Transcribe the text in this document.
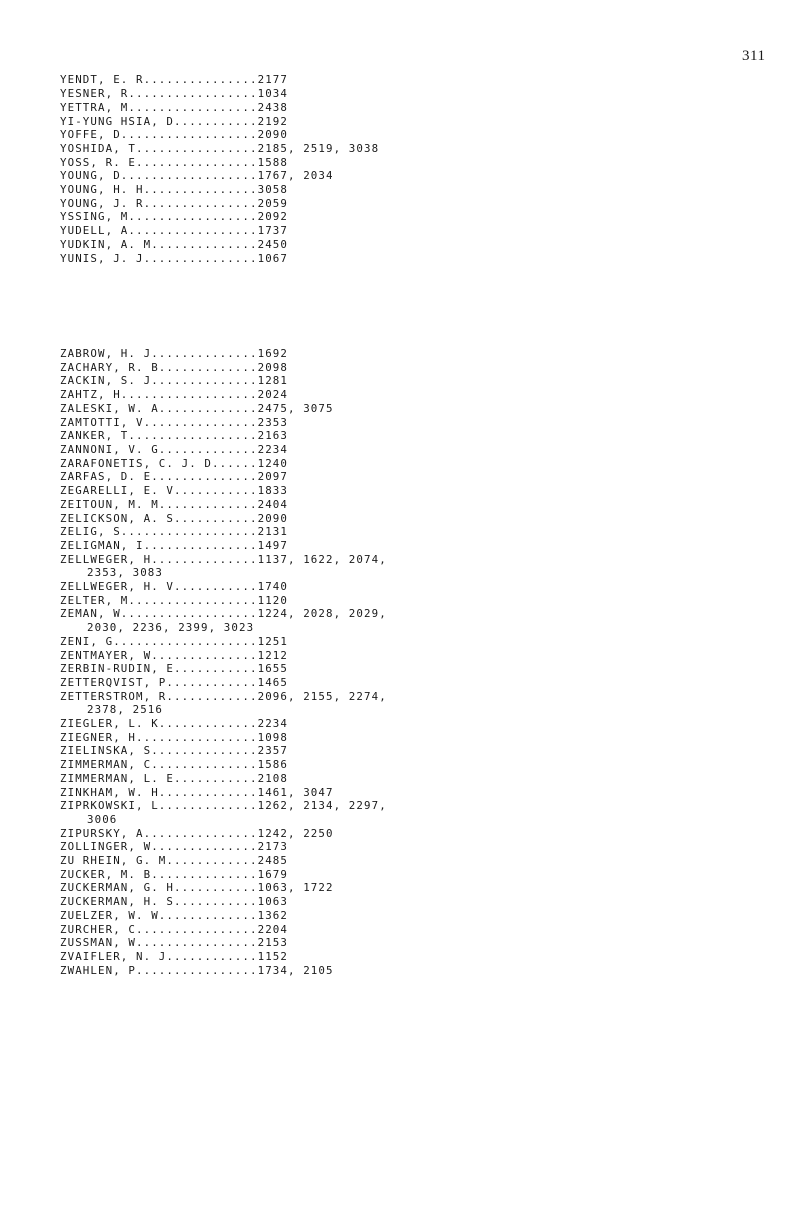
311

YENDT, E. R...............2177
YESNER, R.................1034
YETTRA, M.................2438
YI-YUNG HSIA, D...........2192
YOFFE, D..................2090
YOSHIDA, T................2185, 2519, 3038
YOSS, R. E................1588
YOUNG, D..................1767, 2034
YOUNG, H. H...............3058
YOUNG, J. R...............2059
YSSING, M.................2092
YUDELL, A.................1737
YUDKIN, A. M..............2450
YUNIS, J. J...............1067

ZABROW, H. J..............1692
ZACHARY, R. B.............2098
ZACKIN, S. J..............1281
ZAHTZ, H..................2024
ZALESKI, W. A.............2475, 3075
ZAMTOTTI, V...............2353
ZANKER, T.................2163
ZANNONI, V. G.............2234
ZARAFONETIS, C. J. D......1240
ZARFAS, D. E..............2097
ZEGARELLI, E. V...........1833
ZEITOUN, M. M.............2404
ZELICKSON, A. S...........2090
ZELIG, S..................2131
ZELIGMAN, I...............1497
ZELLWEGER, H..............1137, 1622, 2074,
2353, 3083
ZELLWEGER, H. V...........1740
ZELTER, M.................1120
ZEMAN, W..................1224, 2028, 2029,
2030, 2236, 2399, 3023
ZENI, G...................1251
ZENTMAYER, W..............1212
ZERBIN-RUDIN, E...........1655
ZETTERQVIST, P............1465
ZETTERSTROM, R............2096, 2155, 2274,
2378, 2516
ZIEGLER, L. K.............2234
ZIEGNER, H................1098
ZIELINSKA, S..............2357
ZIMMERMAN, C..............1586
ZIMMERMAN, L. E...........2108
ZINKHAM, W. H.............1461, 3047
ZIPRKOWSKI, L.............1262, 2134, 2297,
3006
ZIPURSKY, A...............1242, 2250
ZOLLINGER, W..............2173
ZU RHEIN, G. M............2485
ZUCKER, M. B..............1679
ZUCKERMAN, G. H...........1063, 1722
ZUCKERMAN, H. S...........1063
ZUELZER, W. W.............1362
ZURCHER, C................2204
ZUSSMAN, W................2153
ZVAIFLER, N. J............1152
ZWAHLEN, P................1734, 2105
